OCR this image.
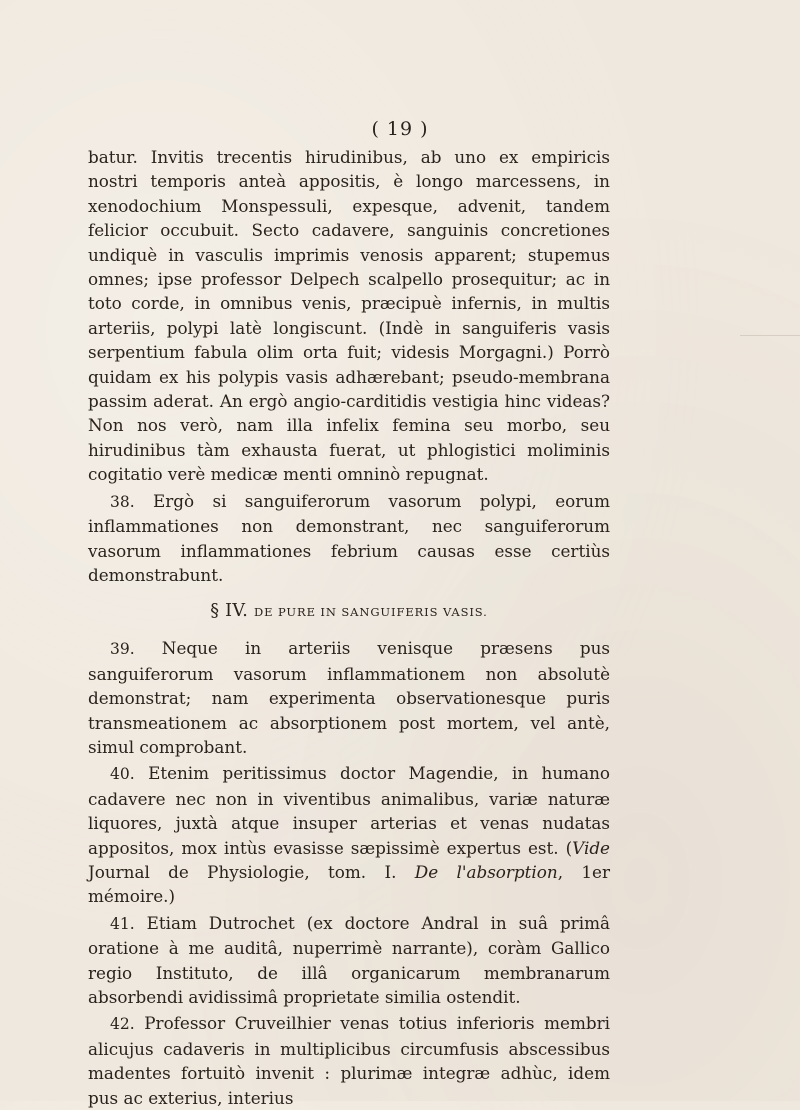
( 19 )

batur. Invitis trecentis hirudinibus, ab uno ex empiricis nostri temporis anteà appositis, è longo marcessens, in xenodochium Monspessuli, expesque, advenit, tandem felicior occubuit. Secto cadavere, sanguinis concretiones undiquè in vasculis imprimis venosis apparent; stupemus omnes; ipse professor Delpech scalpello prosequitur; ac in toto corde, in omnibus venis, præcipuè infernis, in multis arteriis, polypi latè longiscunt. (Indè in sanguiferis vasis serpentium fabula olim orta fuit; videsis Morgagni.) Porrò quidam ex his polypis vasis adhærebant; pseudo-membrana passim aderat. An ergò angio-carditidis vestigia hinc videas? Non nos verò, nam illa infelix femina seu morbo, seu hirudinibus tàm exhausta fuerat, ut phlogistici moliminis cogitatio verè medicæ menti omninò repugnat.

38. Ergò si sanguiferorum vasorum polypi, eorum inflammationes non demonstrant, nec sanguiferorum vasorum inflammationes febrium causas esse certiùs demonstrabunt.

§ IV. DE PURE IN SANGUIFERIS VASIS.

39. Neque in arteriis venisque præsens pus sanguiferorum vasorum inflammationem non absolutè demonstrat; nam experimenta observationesque puris transmeationem ac absorptionem post mortem, vel antè, simul comprobant.

40. Etenim peritissimus doctor Magendie, in humano cadavere nec non in viventibus animalibus, variæ naturæ liquores, juxtà atque insuper arterias et venas nudatas appositos, mox intùs evasisse sæpissimè expertus est. (Vide Journal de Physiologie, tom. I. De l'absorption, 1er mémoire.)

41. Etiam Dutrochet (ex doctore Andral in suâ primâ oratione à me auditâ, nuperrimè narrante), coràm Gallico regio Instituto, de illâ organicarum membranarum absorbendi avidissimâ proprietate similia ostendit.

42. Professor Cruveilhier venas totius inferioris membri alicujus cadaveris in multiplicibus circumfusis abscessibus madentes fortuitò invenit : plurimæ integræ adhùc, idem pus ac exterius, interius
